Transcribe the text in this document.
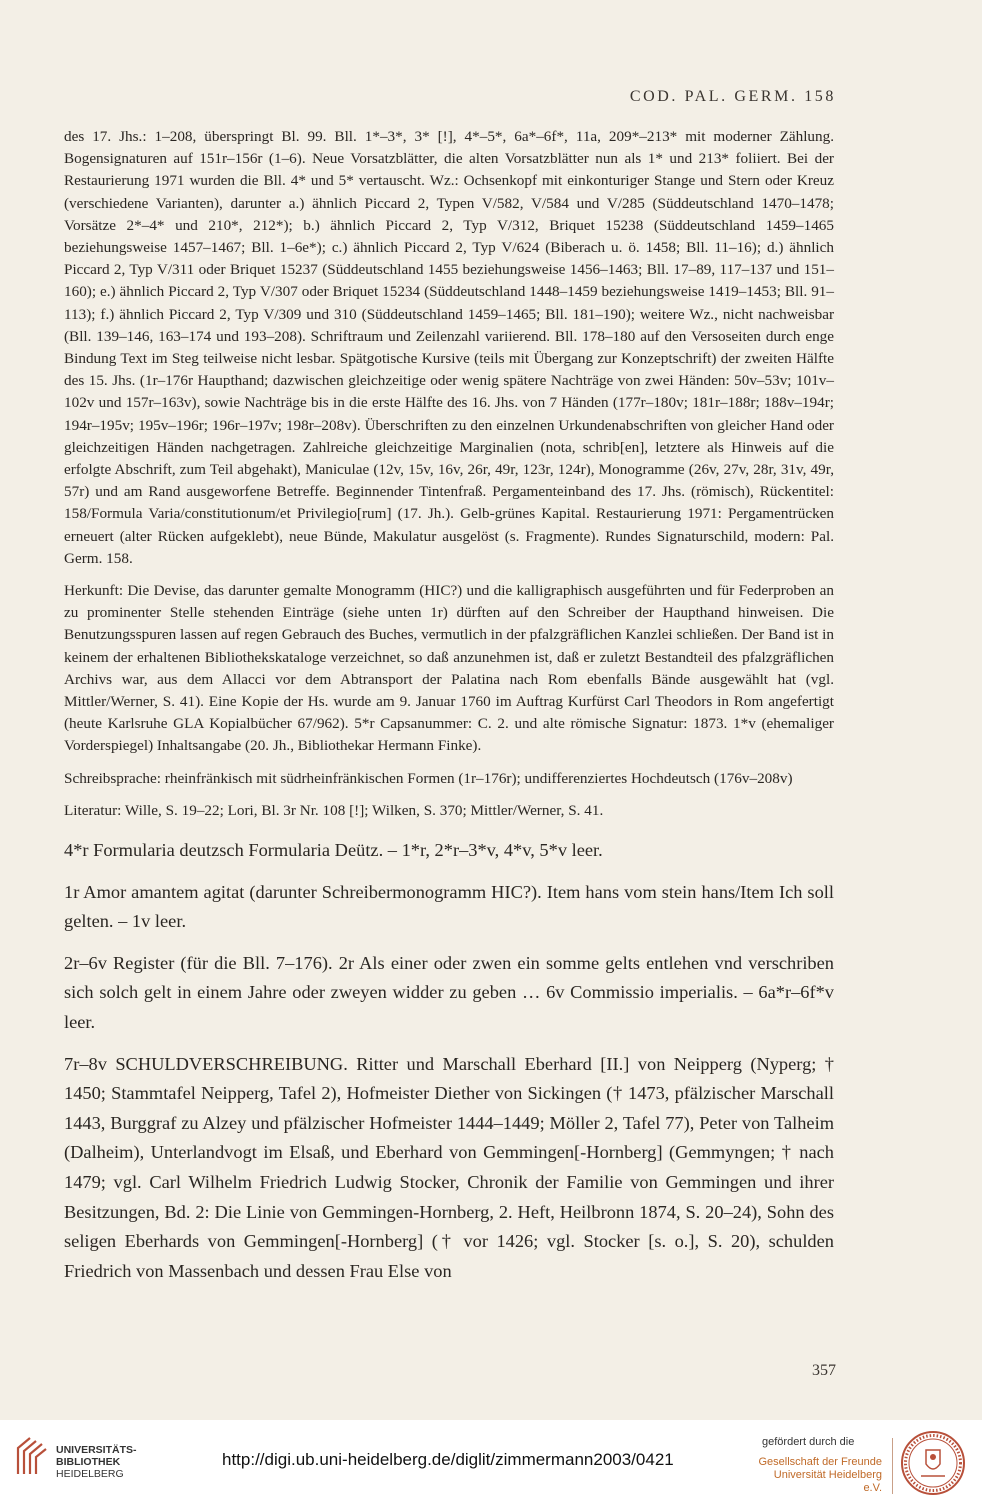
COD. PAL. GERM. 158

des 17. Jhs.: 1–208, überspringt Bl. 99. Bll. 1*–3*, 3* [!], 4*–5*, 6a*–6f*, 11a, 209*–213* mit moderner Zählung. Bogensignaturen auf 151r–156r (1–6). Neue Vorsatzblätter, die alten Vorsatzblätter nun als 1* und 213* foliiert. Bei der Restaurierung 1971 wurden die Bll. 4* und 5* vertauscht. Wz.: Ochsenkopf mit einkonturiger Stange und Stern oder Kreuz (verschiedene Varianten), darunter a.) ähnlich Piccard 2, Typen V/582, V/584 und V/285 (Süddeutschland 1470–1478; Vorsätze 2*–4* und 210*, 212*); b.) ähnlich Piccard 2, Typ V/312, Briquet 15238 (Süddeutschland 1459–1465 beziehungsweise 1457–1467; Bll. 1–6e*); c.) ähnlich Piccard 2, Typ V/624 (Biberach u. ö. 1458; Bll. 11–16); d.) ähnlich Piccard 2, Typ V/311 oder Briquet 15237 (Süddeutschland 1455 beziehungsweise 1456–1463; Bll. 17–89, 117–137 und 151–160); e.) ähnlich Piccard 2, Typ V/307 oder Briquet 15234 (Süddeutschland 1448–1459 beziehungsweise 1419–1453; Bll. 91–113); f.) ähnlich Piccard 2, Typ V/309 und 310 (Süddeutschland 1459–1465; Bll. 181–190); weitere Wz., nicht nachweisbar (Bll. 139–146, 163–174 und 193–208). Schriftraum und Zeilenzahl variierend. Bll. 178–180 auf den Versoseiten durch enge Bindung Text im Steg teilweise nicht lesbar. Spätgotische Kursive (teils mit Übergang zur Konzeptschrift) der zweiten Hälfte des 15. Jhs. (1r–176r Haupthand; dazwischen gleichzeitige oder wenig spätere Nachträge von zwei Händen: 50v–53v; 101v–102v und 157r–163v), sowie Nachträge bis in die erste Hälfte des 16. Jhs. von 7 Händen (177r–180v; 181r–188r; 188v–194r; 194r–195v; 195v–196r; 196r–197v; 198r–208v). Überschriften zu den einzelnen Urkundenabschriften von gleicher Hand oder gleichzeitigen Händen nachgetragen. Zahlreiche gleichzeitige Marginalien (nota, schrib[en], letztere als Hinweis auf die erfolgte Abschrift, zum Teil abgehakt), Maniculae (12v, 15v, 16v, 26r, 49r, 123r, 124r), Monogramme (26v, 27v, 28r, 31v, 49r, 57r) und am Rand ausgeworfene Betreffe. Beginnender Tintenfraß. Pergamenteinband des 17. Jhs. (römisch), Rückentitel: 158/Formula Varia/constitutionum/et Privilegio[rum] (17. Jh.). Gelb-grünes Kapital. Restaurierung 1971: Pergamentrücken erneuert (alter Rücken aufgeklebt), neue Bünde, Makulatur ausgelöst (s. Fragmente). Rundes Signaturschild, modern: Pal. Germ. 158.

Herkunft: Die Devise, das darunter gemalte Monogramm (HIC?) und die kalligraphisch ausgeführten und für Federproben an zu prominenter Stelle stehenden Einträge (siehe unten 1r) dürften auf den Schreiber der Haupthand hinweisen. Die Benutzungsspuren lassen auf regen Gebrauch des Buches, vermutlich in der pfalzgräflichen Kanzlei schließen. Der Band ist in keinem der erhaltenen Bibliothekskataloge verzeichnet, so daß anzunehmen ist, daß er zuletzt Bestandteil des pfalzgräflichen Archivs war, aus dem Allacci vor dem Abtransport der Palatina nach Rom ebenfalls Bände ausgewählt hat (vgl. Mittler/Werner, S. 41). Eine Kopie der Hs. wurde am 9. Januar 1760 im Auftrag Kurfürst Carl Theodors in Rom angefertigt (heute Karlsruhe GLA Kopialbücher 67/962). 5*r Capsanummer: C. 2. und alte römische Signatur: 1873. 1*v (ehemaliger Vorderspiegel) Inhaltsangabe (20. Jh., Bibliothekar Hermann Finke).

Schreibsprache: rheinfränkisch mit südrheinfränkischen Formen (1r–176r); undifferenziertes Hochdeutsch (176v–208v)

Literatur: Wille, S. 19–22; Lori, Bl. 3r Nr. 108 [!]; Wilken, S. 370; Mittler/Werner, S. 41.

4*r Formularia deutzsch Formularia Deütz. – 1*r, 2*r–3*v, 4*v, 5*v leer.

1r Amor amantem agitat (darunter Schreibermonogramm HIC?). Item hans vom stein hans/Item Ich soll gelten. – 1v leer.

2r–6v Register (für die Bll. 7–176). 2r Als einer oder zwen ein somme gelts entlehen vnd verschriben sich solch gelt in einem Jahre oder zweyen widder zu geben … 6v Commissio imperialis. – 6a*r–6f*v leer.

7r–8v SCHULDVERSCHREIBUNG. Ritter und Marschall Eberhard [II.] von Neipperg (Nyperg; † 1450; Stammtafel Neipperg, Tafel 2), Hofmeister Diether von Sickingen († 1473, pfälzischer Marschall 1443, Burggraf zu Alzey und pfälzischer Hofmeister 1444–1449; Möller 2, Tafel 77), Peter von Talheim (Dalheim), Unterlandvogt im Elsaß, und Eberhard von Gemmingen[-Hornberg] (Gemmyngen; † nach 1479; vgl. Carl Wilhelm Friedrich Ludwig Stocker, Chronik der Familie von Gemmingen und ihrer Besitzungen, Bd. 2: Die Linie von Gemmingen-Hornberg, 2. Heft, Heilbronn 1874, S. 20–24), Sohn des seligen Eberhards von Gemmingen[-Hornberg] († vor 1426; vgl. Stocker [s. o.], S. 20), schulden Friedrich von Massenbach und dessen Frau Else von

357
UNIVERSITÄTS-
BIBLIOTHEK
HEIDELBERG
http://digi.ub.uni-heidelberg.de/diglit/zimmermann2003/0421
gefördert durch die
Gesellschaft der Freunde
Universität Heidelberg e.V.
